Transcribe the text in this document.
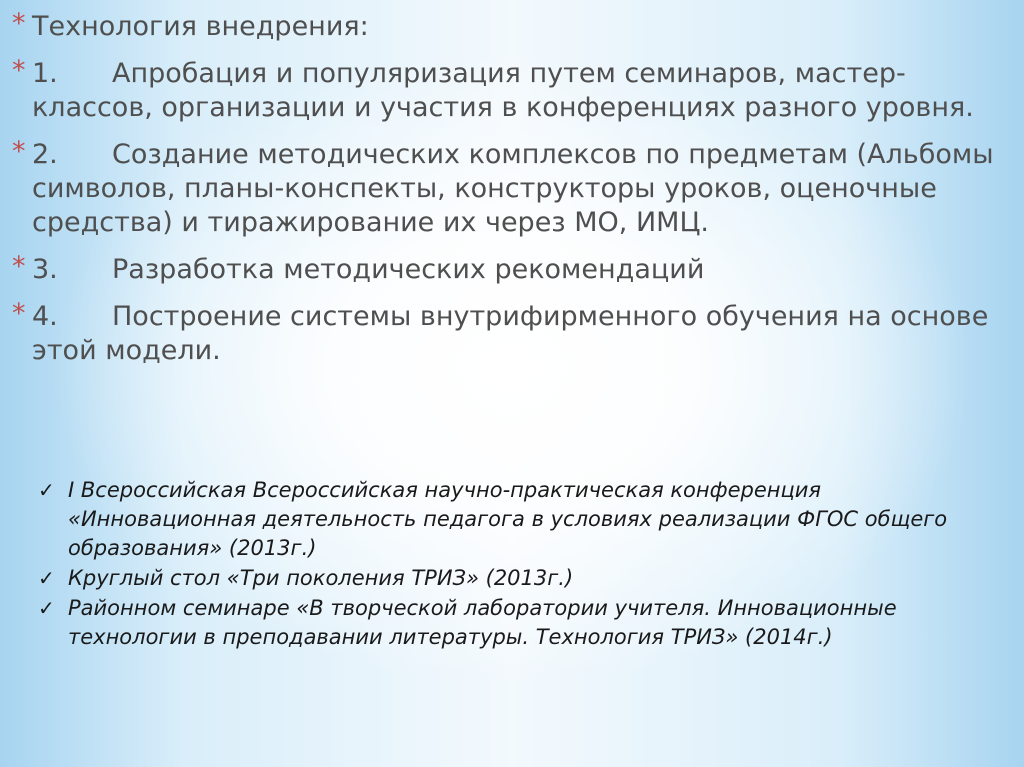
* Технология внедрения:
* 1. Апробация и популяризация путем семинаров, мастер-классов, организации и участия в конференциях разного уровня.
* 2. Создание методических комплексов по предметам (Альбомы символов, планы-конспекты, конструкторы уроков, оценочные средства) и тиражирование их через МО, ИМЦ.
* 3. Разработка методических рекомендаций
* 4. Построение системы внутрифирменного обучения на основе этой модели.
✓ I Всероссийская Всероссийская научно-практическая конференция «Инновационная деятельность педагога в условиях реализации ФГОС общего образования» (2013г.)
✓ Круглый стол «Три поколения ТРИЗ» (2013г.)
✓ Районном семинаре «В творческой лаборатории учителя. Инновационные технологии в преподавании литературы. Технология ТРИЗ» (2014г.)
